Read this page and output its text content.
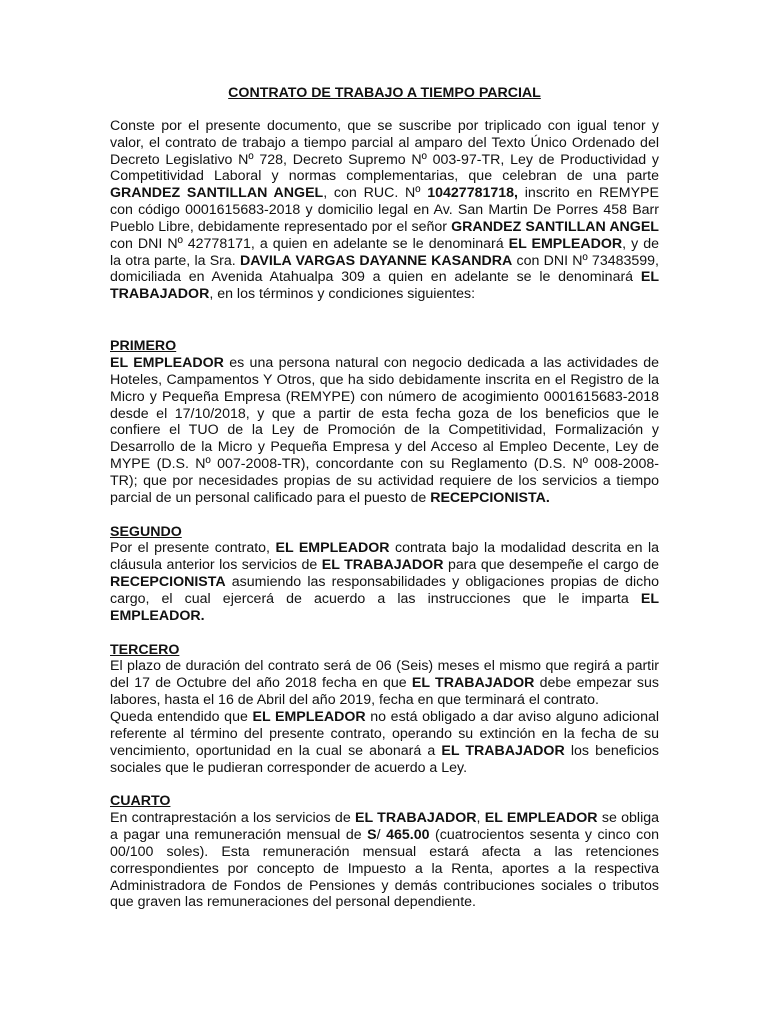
CONTRATO DE TRABAJO A TIEMPO PARCIAL

Conste por el presente documento, que se suscribe por triplicado con igual tenor y valor, el contrato de trabajo a tiempo parcial al amparo del Texto Único Ordenado del Decreto Legislativo Nº 728, Decreto Supremo Nº 003-97-TR, Ley de Productividad y Competitividad Laboral y normas complementarias, que celebran de una parte GRANDEZ SANTILLAN ANGEL, con RUC. Nº 10427781718, inscrito en REMYPE con código 0001615683-2018 y domicilio legal en Av. San Martin De Porres 458 Barr Pueblo Libre, debidamente representado por el señor GRANDEZ SANTILLAN ANGEL con DNI Nº 42778171, a quien en adelante se le denominará EL EMPLEADOR, y de la otra parte, la Sra. DAVILA VARGAS DAYANNE KASANDRA con DNI Nº 73483599, domiciliada en Avenida Atahualpa 309 a quien en adelante se le denominará EL TRABAJADOR, en los términos y condiciones siguientes:

PRIMERO

EL EMPLEADOR es una persona natural con negocio dedicada a las actividades de Hoteles, Campamentos Y Otros, que ha sido debidamente inscrita en el Registro de la Micro y Pequeña Empresa (REMYPE) con número de acogimiento 0001615683-2018 desde el 17/10/2018, y que a partir de esta fecha goza de los beneficios que le confiere el TUO de la Ley de Promoción de la Competitividad, Formalización y Desarrollo de la Micro y Pequeña Empresa y del Acceso al Empleo Decente, Ley de MYPE (D.S. Nº 007-2008-TR), concordante con su Reglamento (D.S. Nº 008-2008-TR); que por necesidades propias de su actividad requiere de los servicios a tiempo parcial de un personal calificado para el puesto de RECEPCIONISTA.

SEGUNDO

Por el presente contrato, EL EMPLEADOR contrata bajo la modalidad descrita en la cláusula anterior los servicios de EL TRABAJADOR para que desempeñe el cargo de RECEPCIONISTA asumiendo las responsabilidades y obligaciones propias de dicho cargo, el cual ejercerá de acuerdo a las instrucciones que le imparta EL EMPLEADOR.

TERCERO

El plazo de duración del contrato será de 06 (Seis) meses el mismo que regirá a partir del 17 de Octubre del año 2018 fecha en que EL TRABAJADOR debe empezar sus labores, hasta el 16 de Abril del año 2019, fecha en que terminará el contrato.

Queda entendido que EL EMPLEADOR no está obligado a dar aviso alguno adicional referente al término del presente contrato, operando su extinción en la fecha de su vencimiento, oportunidad en la cual se abonará a EL TRABAJADOR los beneficios sociales que le pudieran corresponder de acuerdo a Ley.

CUARTO

En contraprestación a los servicios de EL TRABAJADOR, EL EMPLEADOR se obliga a pagar una remuneración mensual de S/ 465.00 (cuatrocientos sesenta y cinco con 00/100 soles). Esta remuneración mensual estará afecta a las retenciones correspondientes por concepto de Impuesto a la Renta, aportes a la respectiva Administradora de Fondos de Pensiones y demás contribuciones sociales o tributos que graven las remuneraciones del personal dependiente.
